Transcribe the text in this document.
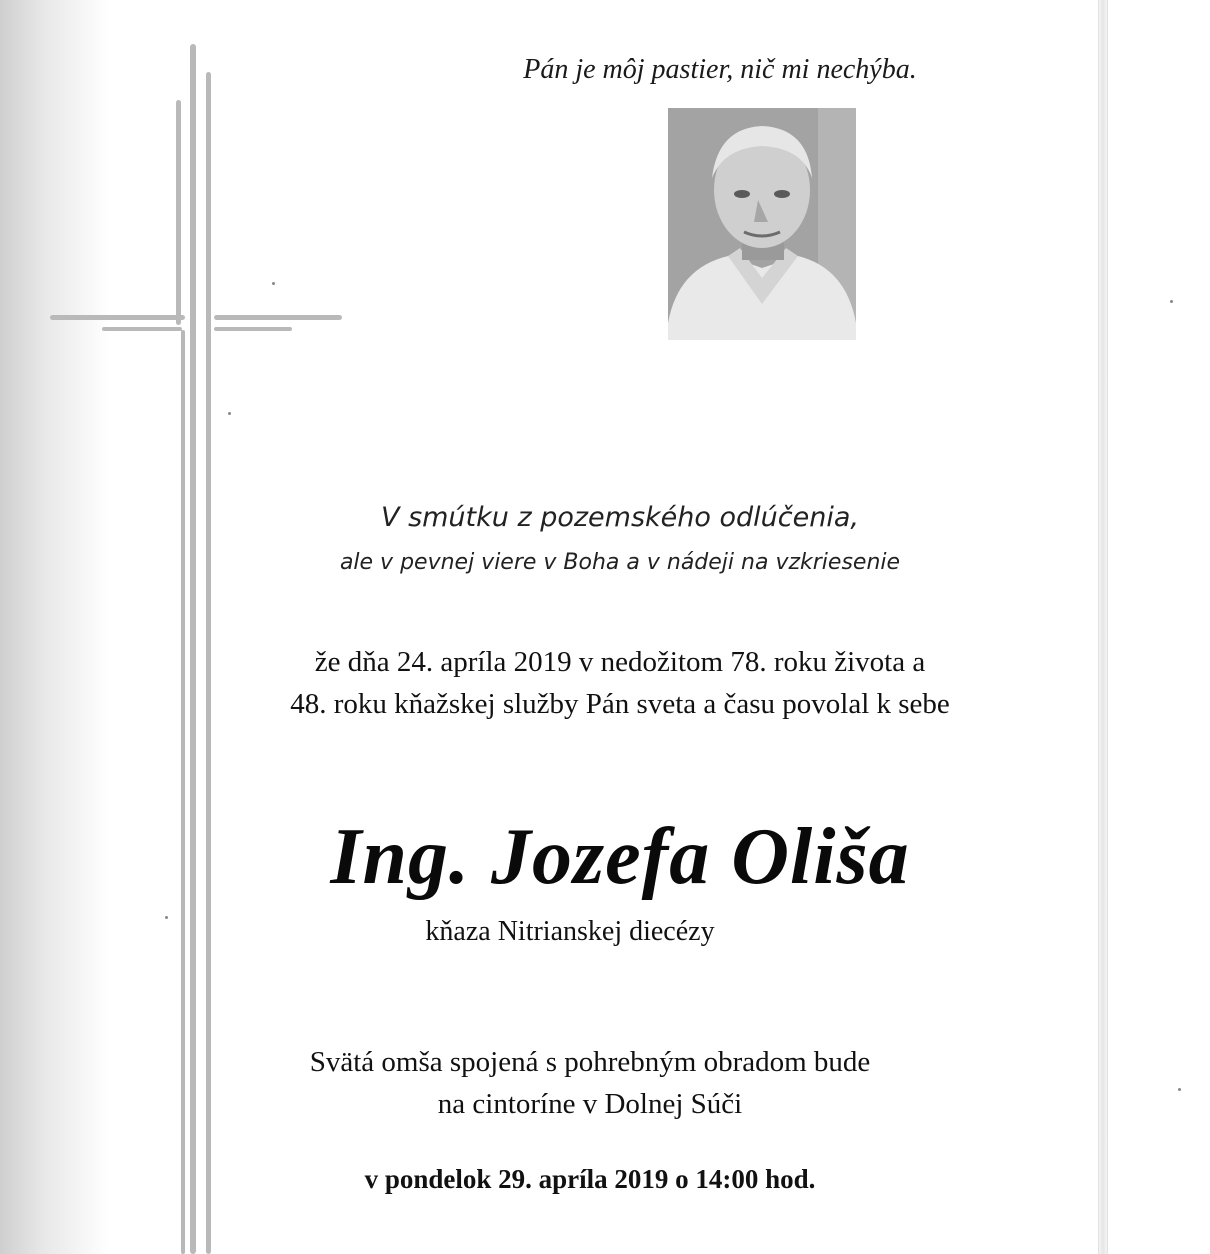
Pán je môj pastier, nič mi nechýba.
V smútku z pozemského odlúčenia,
ale v pevnej viere v Boha a v nádeji na vzkriesenie
že dňa 24. apríla 2019 v nedožitom 78. roku života a
48. roku kňažskej služby Pán sveta a času povolal k sebe
Ing. Jozefa Oliša
kňaza Nitrianskej diecézy
Svätá omša spojená s pohrebným obradom bude
na cintoríne v Dolnej Súči
v pondelok 29. apríla 2019 o 14:00 hod.
